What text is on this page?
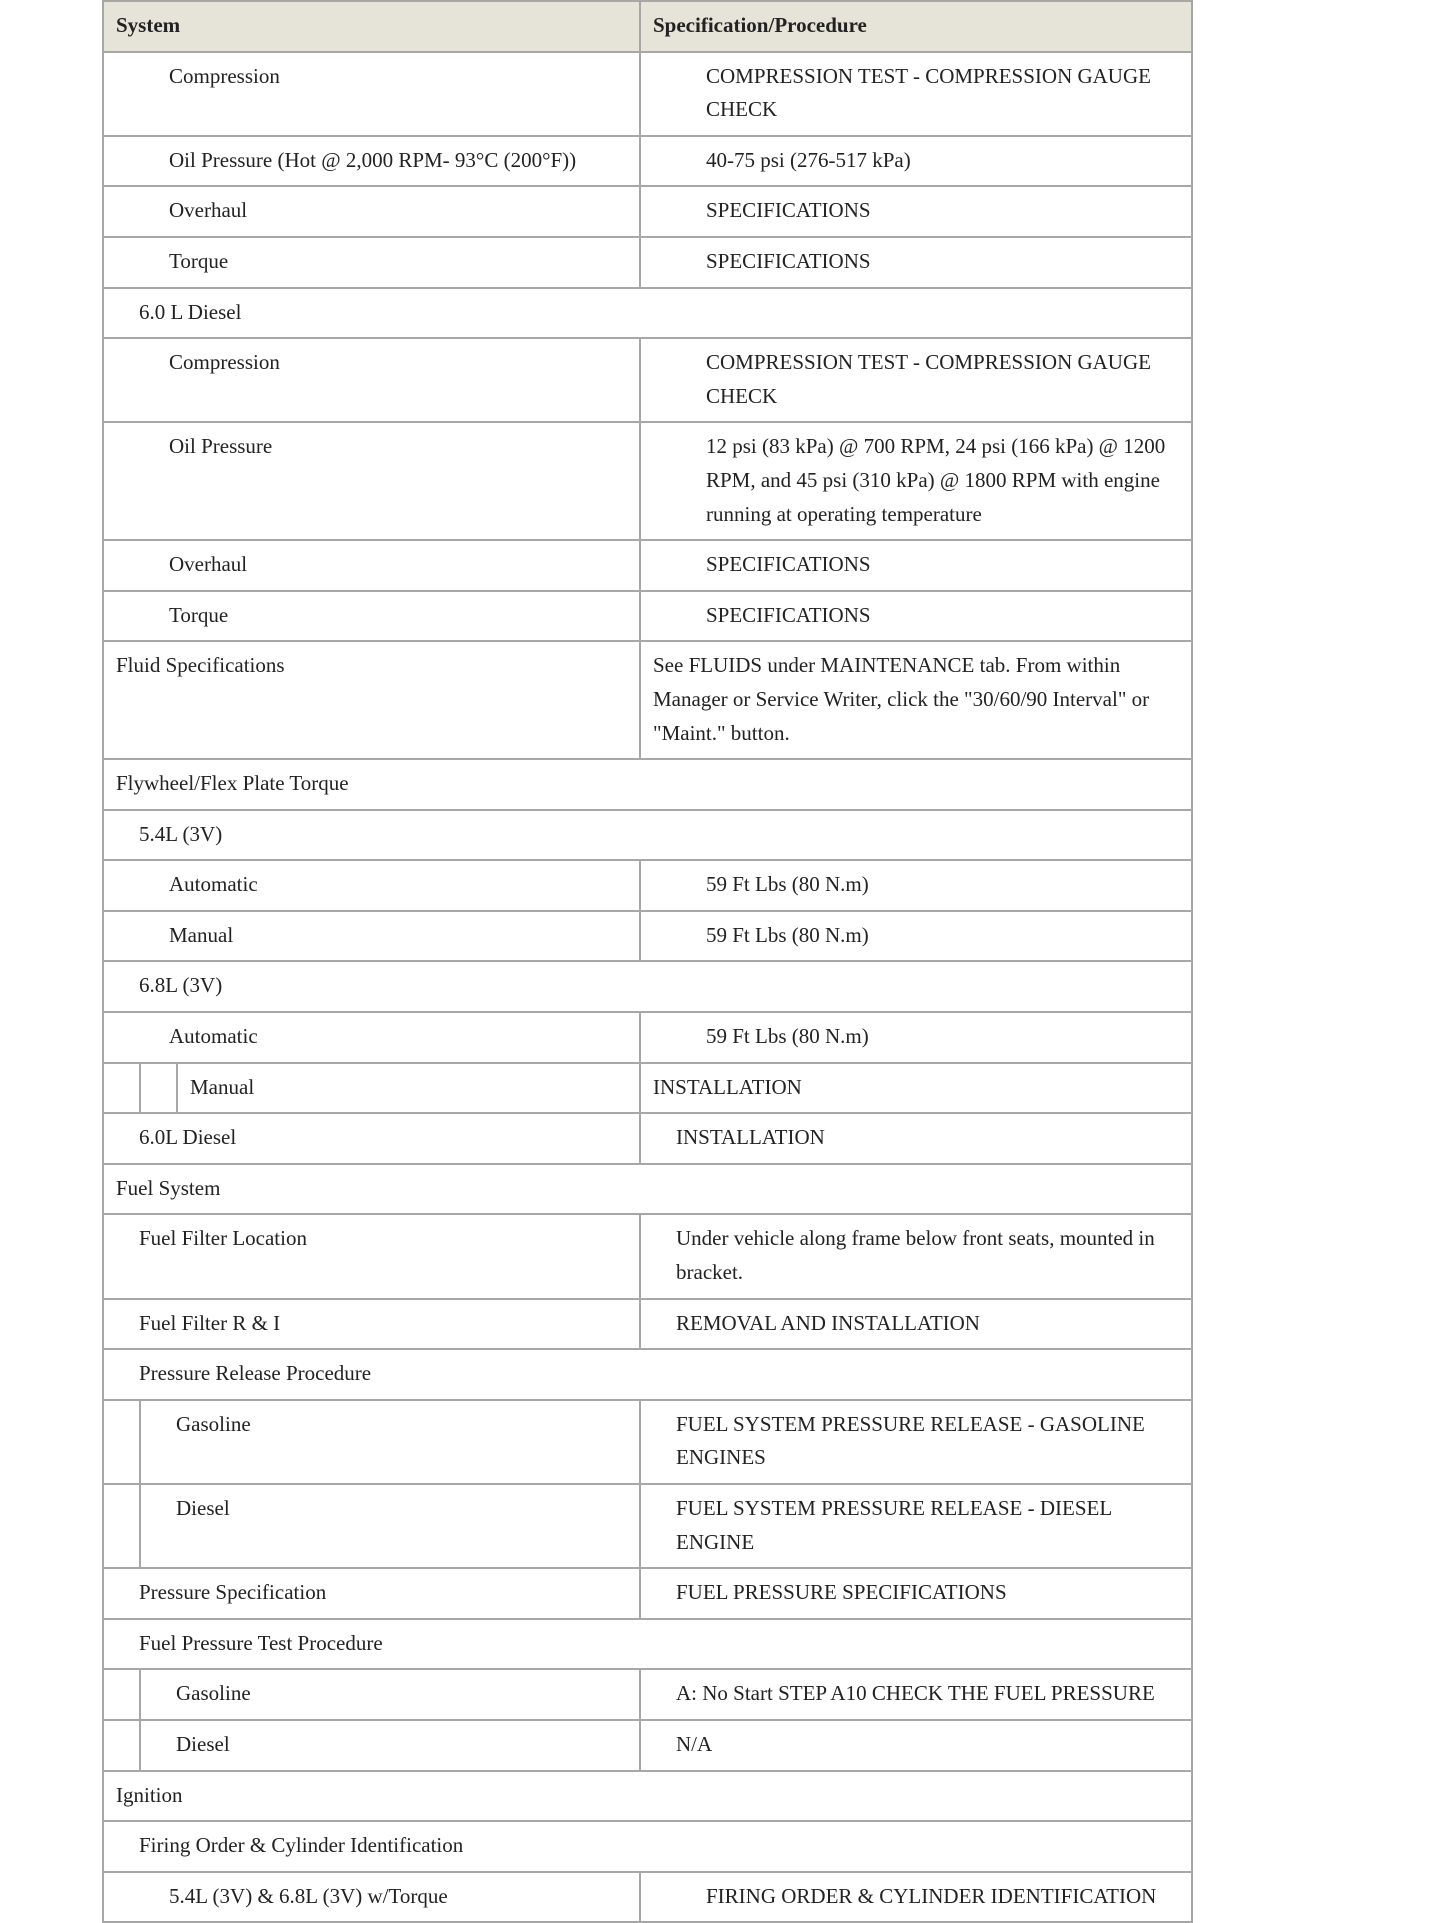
System	Specification/Procedure

Compression	COMPRESSION TEST - COMPRESSION GAUGE CHECK

Oil Pressure (Hot @ 2,000 RPM- 93°C (200°F))	40-75 psi (276-517 kPa)

Overhaul	SPECIFICATIONS

Torque	SPECIFICATIONS

6.0 L Diesel	

Compression	COMPRESSION TEST - COMPRESSION GAUGE CHECK

Oil Pressure	12 psi (83 kPa) @ 700 RPM, 24 psi (166 kPa) @ 1200 RPM, and 45 psi (310 kPa) @ 1800 RPM with engine running at operating temperature

Overhaul	SPECIFICATIONS

Torque	SPECIFICATIONS

Fluid Specifications	See FLUIDS under MAINTENANCE tab. From within Manager or Service Writer, click the "30/60/90 Interval" or "Maint." button.

Flywheel/Flex Plate Torque	

5.4L (3V)	

Automatic	59 Ft Lbs (80 N.m)

Manual	59 Ft Lbs (80 N.m)

6.8L (3V)	

Automatic	59 Ft Lbs (80 N.m)

Manual	INSTALLATION

6.0L Diesel	INSTALLATION

Fuel System	

Fuel Filter Location	Under vehicle along frame below front seats, mounted in bracket.

Fuel Filter R & I	REMOVAL AND INSTALLATION

Pressure Release Procedure	

Gasoline	FUEL SYSTEM PRESSURE RELEASE - GASOLINE ENGINES

Diesel	FUEL SYSTEM PRESSURE RELEASE - DIESEL ENGINE

Pressure Specification	FUEL PRESSURE SPECIFICATIONS

Fuel Pressure Test Procedure	

Gasoline	A: No Start STEP A10 CHECK THE FUEL PRESSURE

Diesel	N/A

Ignition	

Firing Order & Cylinder Identification	

5.4L (3V) & 6.8L (3V) w/Torque	FIRING ORDER & CYLINDER IDENTIFICATION
